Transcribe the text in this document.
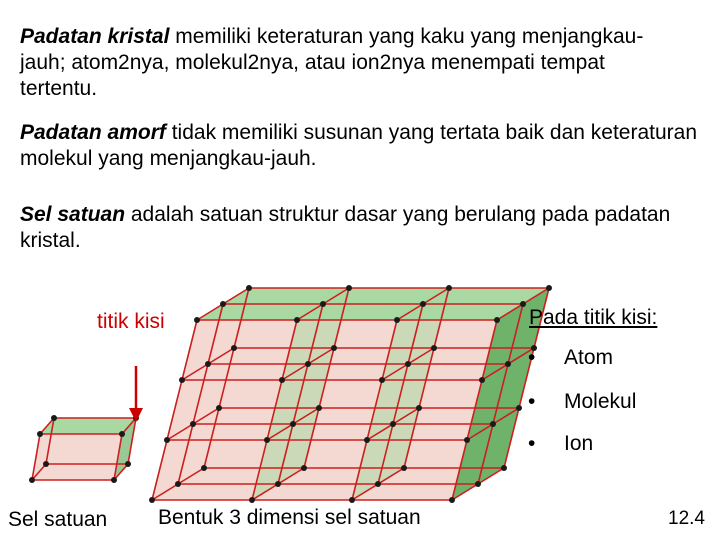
Padatan kristal memiliki keteraturan yang kaku yang menjangkau-jauh; atom2nya, molekul2nya, atau ion2nya menempati tempat tertentu.

Padatan amorf tidak memiliki susunan yang tertata baik dan keteraturan molekul yang menjangkau-jauh.

Sel satuan adalah satuan struktur dasar yang berulang pada padatan kristal.

titik kisi	Pada titik kisi:
• Atom
• Molekul
• Ion
Sel satuan Bentuk 3 dimensi sel satuan	12.4
